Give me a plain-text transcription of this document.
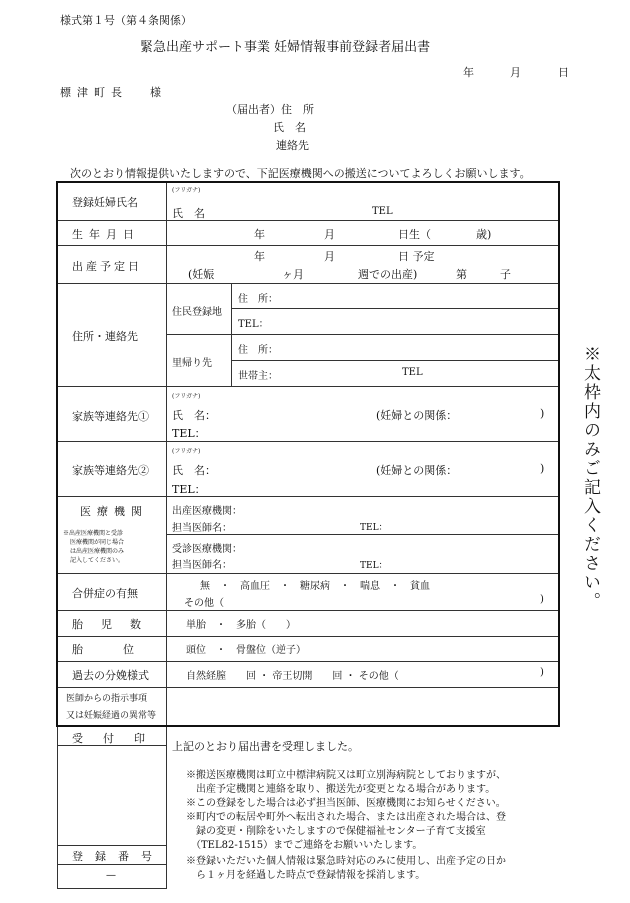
様式第１号（第４条関係）
緊急出産サポート事業 妊婦情報事前登録者届出書
年	月	日
標津町長 様
（届出者）住　所
氏　名
連絡先
次のとおり情報提供いたしますので、下記医療機関への搬送についてよろしくお願いします。
※太枠内のみご記入ください。
登録妊婦氏名
(フリガナ)
氏　名	TEL
生年月日	年	月	日生（	歳)
出産予定日
年	月	日 予定
(妊娠	ヶ月	週での出産)	第	子
住所・連絡先
住民登録地
住　所：
TEL：
里帰り先
住　所：
世帯主：	TEL
家族等連絡先①
(フリガナ)
氏　名：	(妊婦との関係：	)
TEL：
家族等連絡先②
(フリガナ)
氏　名：	(妊婦との関係：	)
TEL：
医療機関
※出産医療機関と受診
医療機関が同じ場合
は出産医療機関のみ
記入してください。
出産医療機関：
担当医師名：	TEL：
受診医療機関：
担当医師名：	TEL：
合併症の有無
無　・　高血圧　・　糖尿病　・　喘息　・　貧血
その他（	)
胎児数	単胎　・　多胎（　　）
胎位 頭位　・　骨盤位（逆子）
過去の分娩様式	自然経膣　　回 ・ 帝王切開　　回 ・ その他（	)
医師からの指示事項
又は妊娠経過の異常等
受付印
登録番号
—
上記のとおり届出書を受理しました。
※搬送医療機関は町立中標津病院又は町立別海病院としておりますが、
　出産予定機関と連絡を取り、搬送先が変更となる場合があります。
※この登録をした場合は必ず担当医師、医療機関にお知らせください。
※町内での転居や町外へ転出された場合、または出産された場合は、登
　録の変更・削除をいたしますので保健福祉センター子育て支援室
　（TEL82-1515）までご連絡をお願いいたします。
※登録いただいた個人情報は緊急時対応のみに使用し、出産予定の日か
　ら１ヶ月を経過した時点で登録情報を採消します。
